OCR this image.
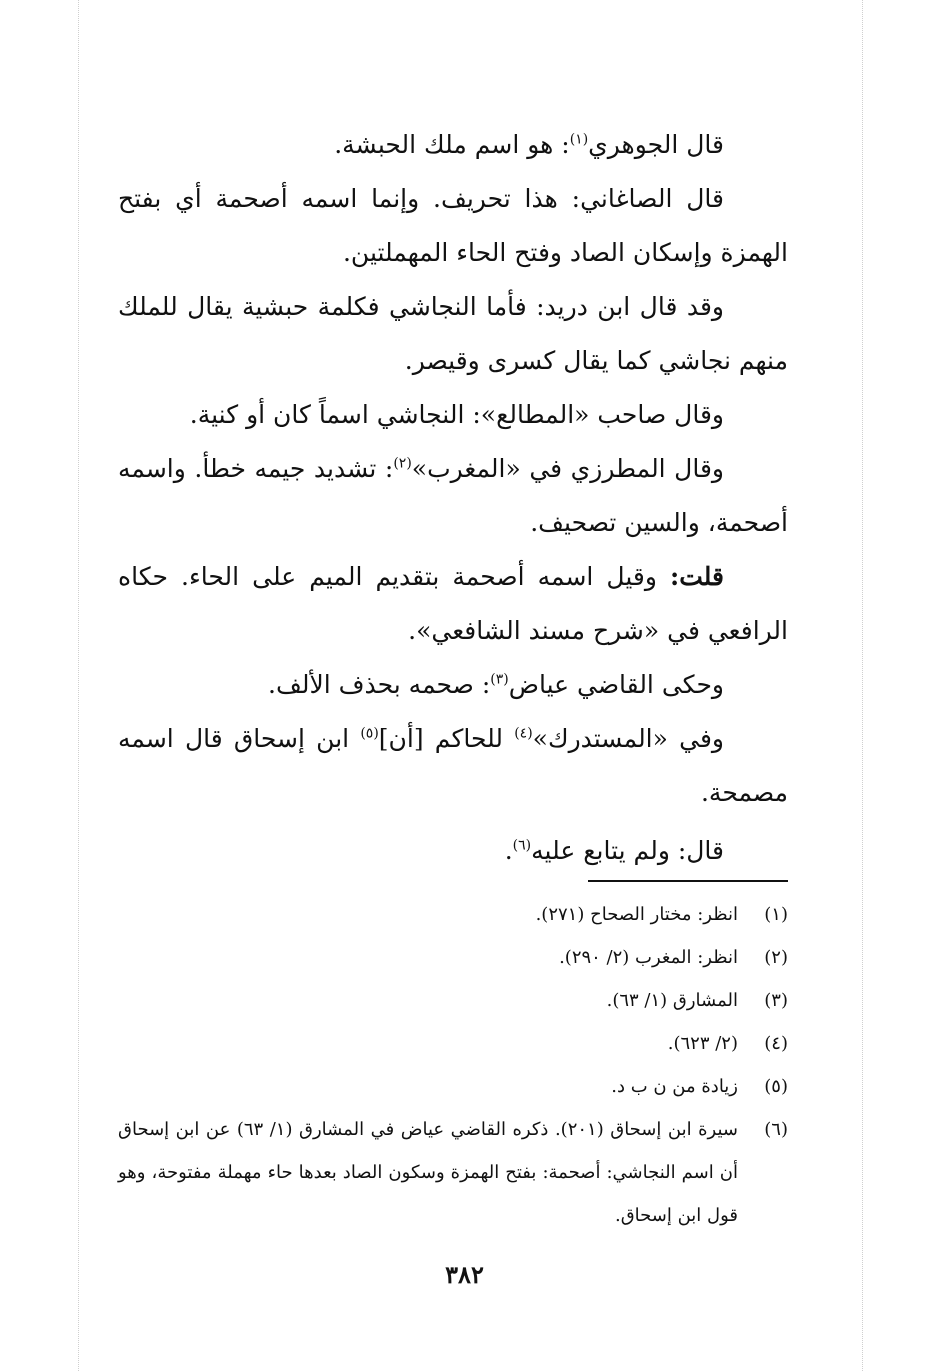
قال الجوهري$^{(١)}$: هو اسم ملك الحبشة.

قال الصاغاني: هذا تحريف. وإنما اسمه أصحمة أي بفتح الهمزة وإسكان الصاد وفتح الحاء المهملتين.

وقد قال ابن دريد: فأما النجاشي فكلمة حبشية يقال للملك منهم نجاشي كما يقال كسرى وقيصر.

وقال صاحب «المطالع»: النجاشي اسماً كان أو كنية.

وقال المطرزي في «المغرب»$^{(٢)}$: تشديد جيمه خطأ. واسمه أصحمة، والسين تصحيف.

قلت: وقيل اسمه أصحمة بتقديم الميم على الحاء. حكاه الرافعي في «شرح مسند الشافعي».

وحكى القاضي عياض$^{(٣)}$: صحمه بحذف الألف.

وفي «المستدرك»$^{(٤)}$ للحاكم [أن]$^{(٥)}$ ابن إسحاق قال اسمه مصمحة.

قال: ولم يتابع عليه$^{(٦)}$.

(١)
انظر: مختار الصحاح (٢٧١).
(٢)
انظر: المغرب (٢/ ٢٩٠).
(٣)
المشارق (١/ ٦٣).
(٤)
(٢/ ٦٢٣).
(٥)
زيادة من ن ب د.
(٦)
سيرة ابن إسحاق (٢٠١). ذكره القاضي عياض في المشارق (١/ ٦٣) عن ابن إسحاق أن اسم النجاشي: أصحمة: بفتح الهمزة وسكون الصاد بعدها حاء مهملة مفتوحة، وهو قول ابن إسحاق.
٣٨٢
